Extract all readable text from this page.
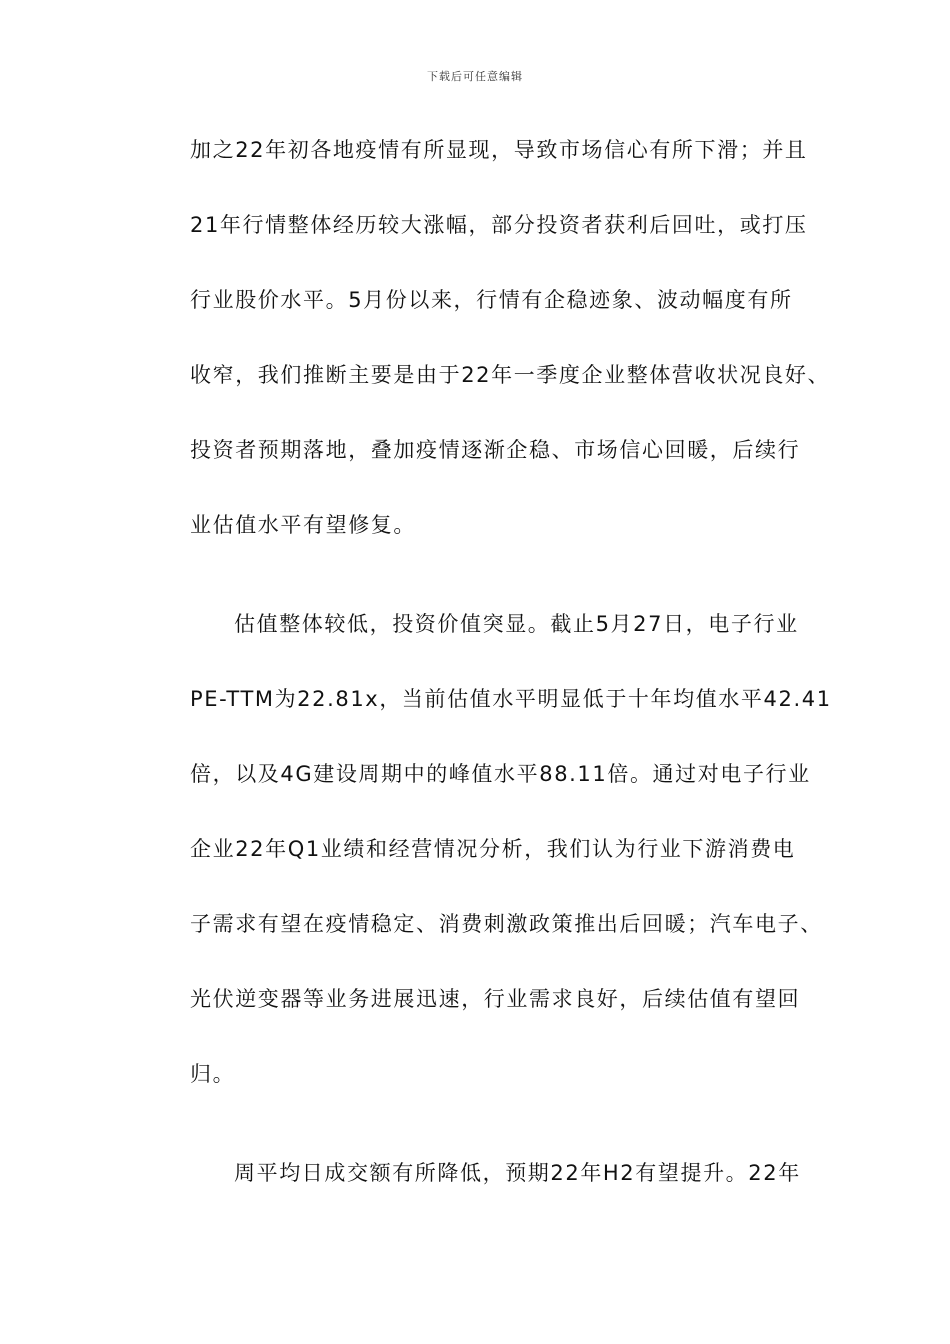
下载后可任意编辑
加之22年初各地疫情有所显现，导致市场信心有所下滑；并且
21年行情整体经历较大涨幅，部分投资者获利后回吐，或打压
行业股价水平。5月份以来，行情有企稳迹象、波动幅度有所
收窄，我们推断主要是由于22年一季度企业整体营收状况良好、
投资者预期落地，叠加疫情逐渐企稳、市场信心回暖，后续行
业估值水平有望修复。
估值整体较低，投资价值突显。截止5月27日，电子行业
PE-TTM为22.81x，当前估值水平明显低于十年均值水平42.41
倍，以及4G建设周期中的峰值水平88.11倍。通过对电子行业
企业22年Q1业绩和经营情况分析，我们认为行业下游消费电
子需求有望在疫情稳定、消费刺激政策推出后回暖；汽车电子、
光伏逆变器等业务进展迅速，行业需求良好，后续估值有望回
归。
周平均日成交额有所降低，预期22年H2有望提升。22年
